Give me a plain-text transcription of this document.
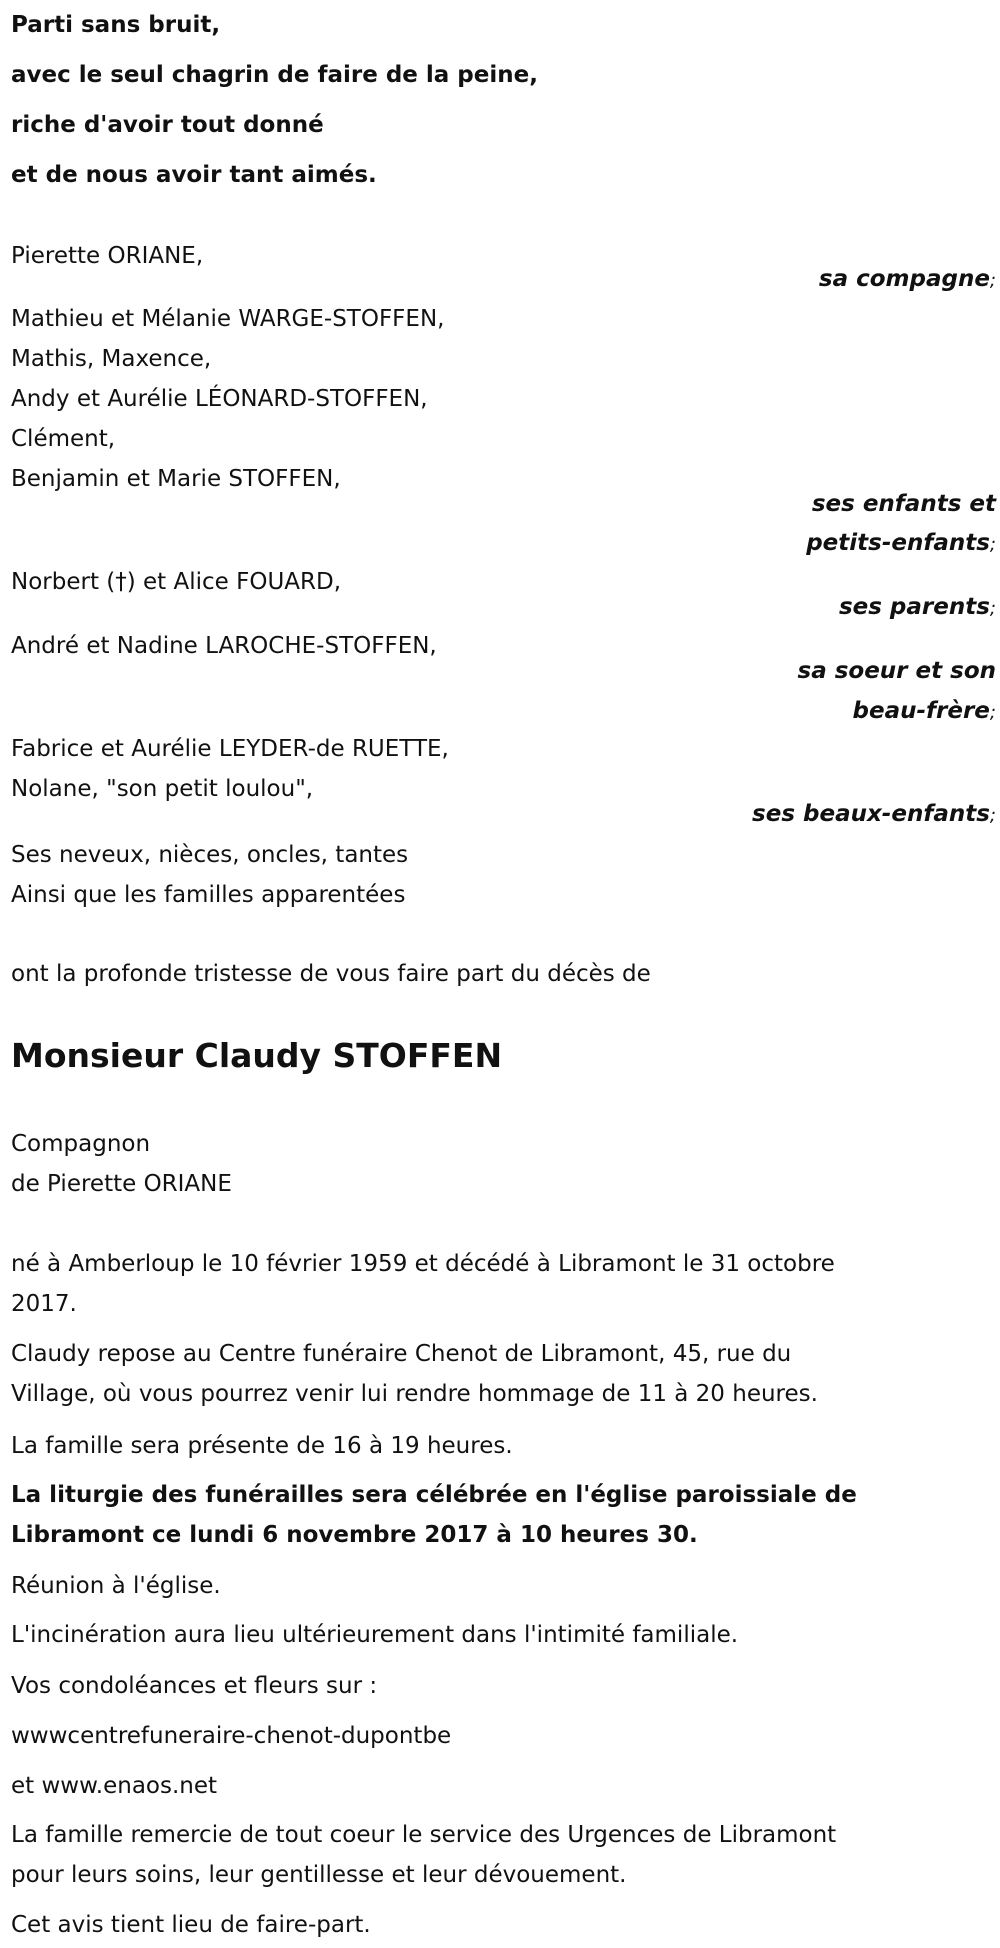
Parti sans bruit,
avec le seul chagrin de faire de la peine,
riche d'avoir tout donné
et de nous avoir tant aimés.
Pierette ORIANE,
sa compagne;
Mathieu et Mélanie WARGE-STOFFEN,
Mathis, Maxence,
Andy et Aurélie LÉONARD-STOFFEN,
Clément,
Benjamin et Marie STOFFEN,
ses enfants et
petits-enfants;
Norbert (†) et Alice FOUARD,
ses parents;
André et Nadine LAROCHE-STOFFEN,
sa soeur et son
beau-frère;
Fabrice et Aurélie LEYDER-de RUETTE,
Nolane, "son petit loulou",
ses beaux-enfants;
Ses neveux, nièces, oncles, tantes
Ainsi que les familles apparentées
ont la profonde tristesse de vous faire part du décès de
Monsieur Claudy STOFFEN
Compagnon
de Pierette ORIANE
né à Amberloup le 10 février 1959 et décédé à Libramont le 31 octobre
2017.
Claudy repose au Centre funéraire Chenot de Libramont, 45, rue du
Village, où vous pourrez venir lui rendre hommage de 11 à 20 heures.
La famille sera présente de 16 à 19 heures.
La liturgie des funérailles sera célébrée en l'église paroissiale de
Libramont ce lundi 6 novembre 2017 à 10 heures 30.
Réunion à l'église.
L'incinération aura lieu ultérieurement dans l'intimité familiale.
Vos condoléances et fleurs sur :
wwwcentrefuneraire-chenot-dupontbe
et www.enaos.net
La famille remercie de tout coeur le service des Urgences de Libramont
pour leurs soins, leur gentillesse et leur dévouement.
Cet avis tient lieu de faire-part.
